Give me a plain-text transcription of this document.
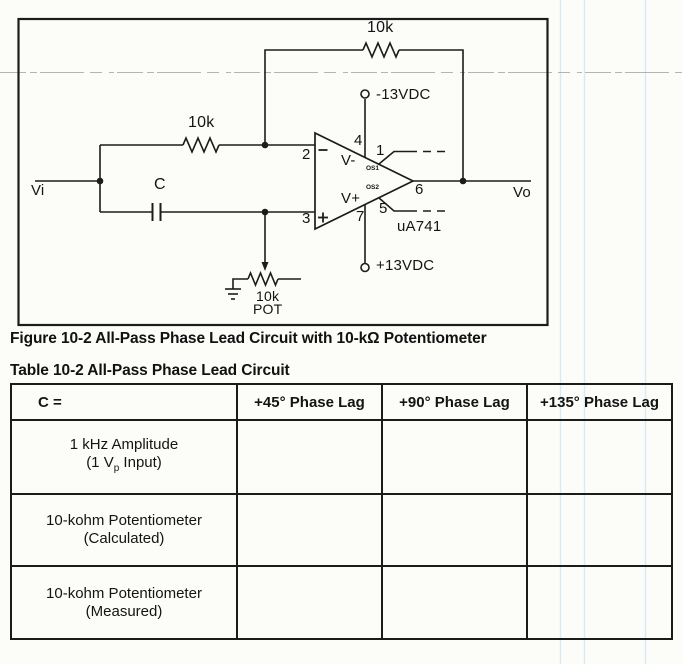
10k
10k
C
Vi	Vo
2
3
4
7
1
5
6
V-
V+
OS1
OS2
-13VDC
+13VDC
uA741
10k
POT
Figure 10-2 All-Pass Phase Lead Circuit with 10-kΩ Potentiometer
Table 10-2 All-Pass Phase Lead Circuit
C =	+45° Phase Lag	+90° Phase Lag	+135° Phase Lag

1 kHz Amplitude
(1 $V_p$ Input)			

10-kohm Potentiometer
(Calculated)			

10-kohm Potentiometer
(Measured)			
